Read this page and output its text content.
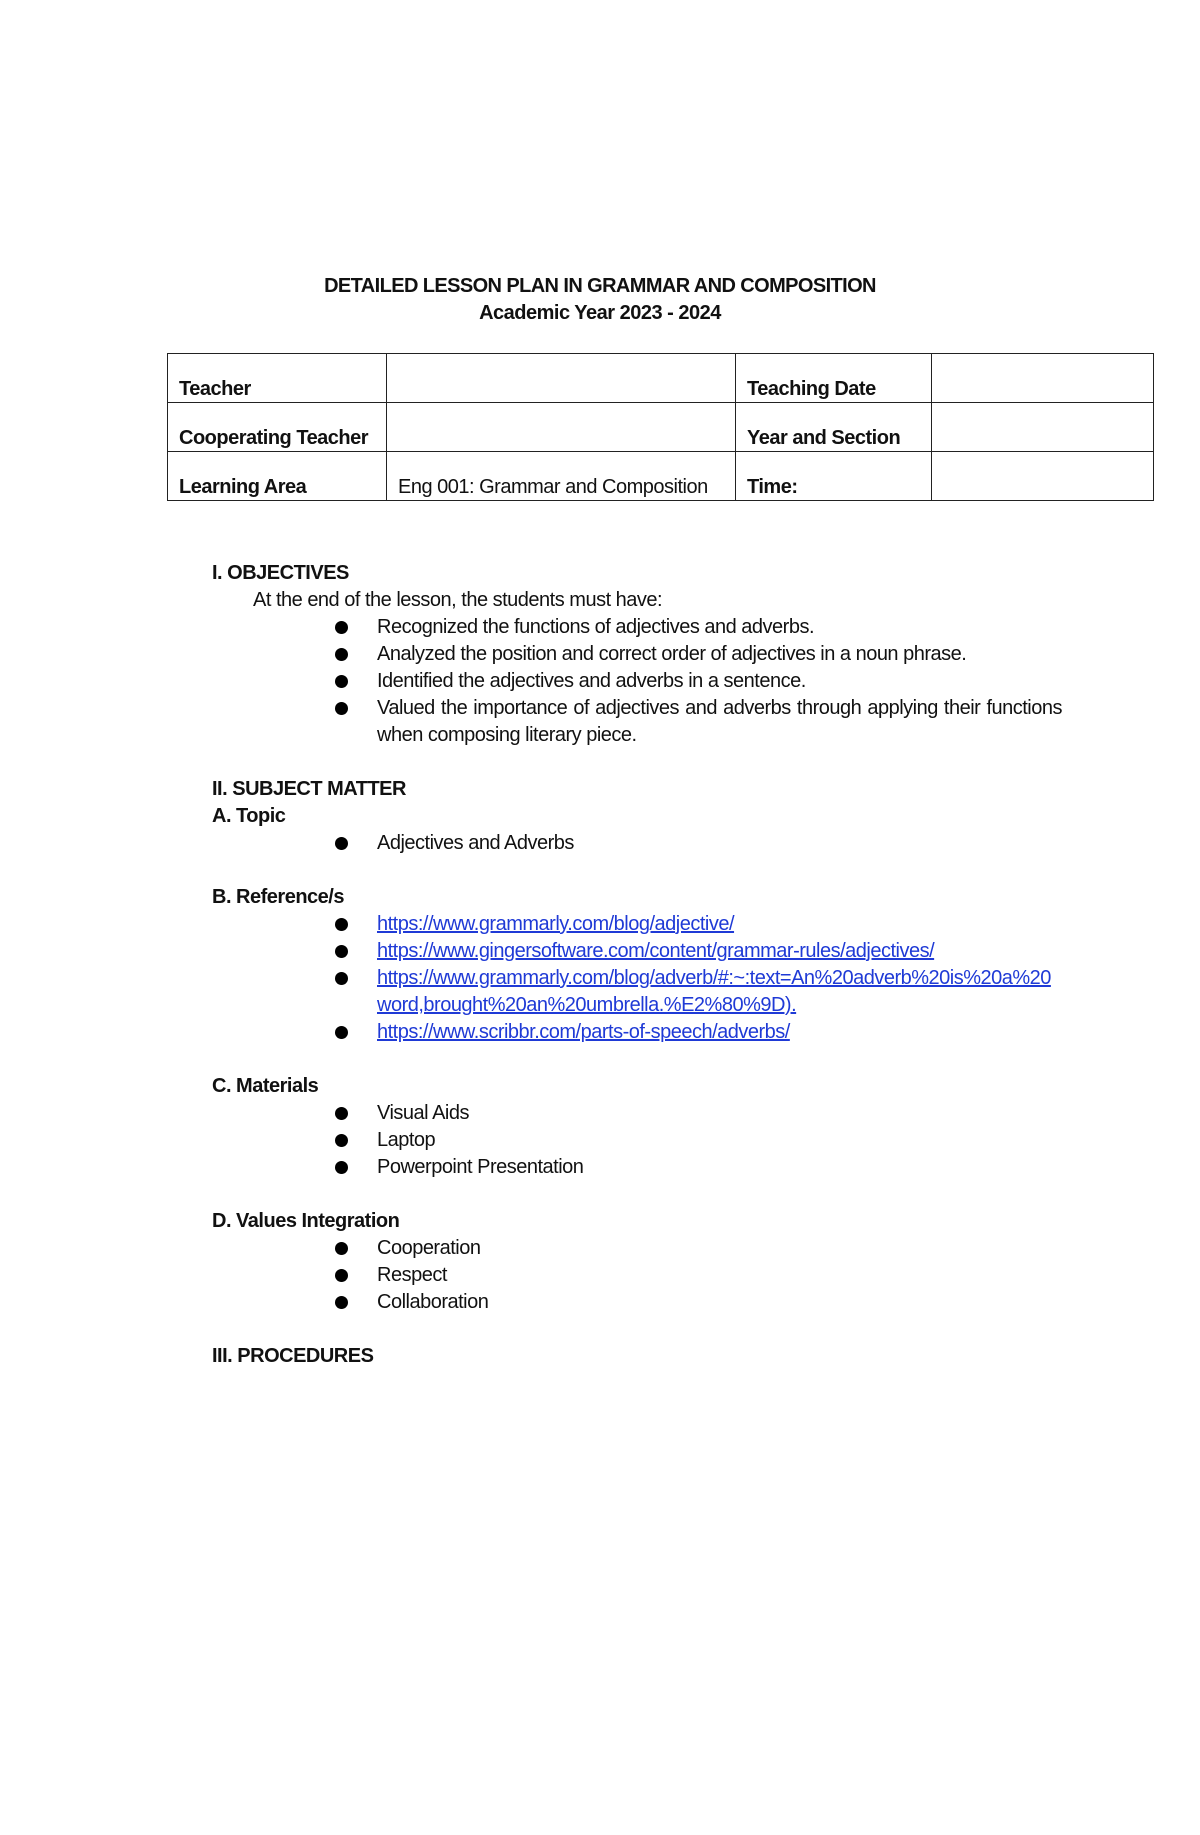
DETAILED LESSON PLAN IN GRAMMAR AND COMPOSITION
Academic Year 2023 - 2024
Teacher		Teaching Date	

Cooperating Teacher		Year and Section	

Learning Area	Eng 001: Grammar and Composition	Time:	

I. OBJECTIVES
At the end of the lesson, the students must have:
Recognized the functions of adjectives and adverbs.
Analyzed the position and correct order of adjectives in a noun phrase.
Identified the adjectives and adverbs in a sentence.
Valued the importance of adjectives and adverbs through applying their functions when composing literary piece.
II. SUBJECT MATTER
A. Topic
Adjectives and Adverbs
B. Reference/s
https://www.grammarly.com/blog/adjective/
https://www.gingersoftware.com/content/grammar-rules/adjectives/
https://www.grammarly.com/blog/adverb/#:~:text=An%20adverb%20is%20a%20word,brought%20an%20umbrella.%E2%80%9D).
https://www.scribbr.com/parts-of-speech/adverbs/
C. Materials
Visual Aids
Laptop
Powerpoint Presentation
D. Values Integration
Cooperation
Respect
Collaboration
III. PROCEDURES
